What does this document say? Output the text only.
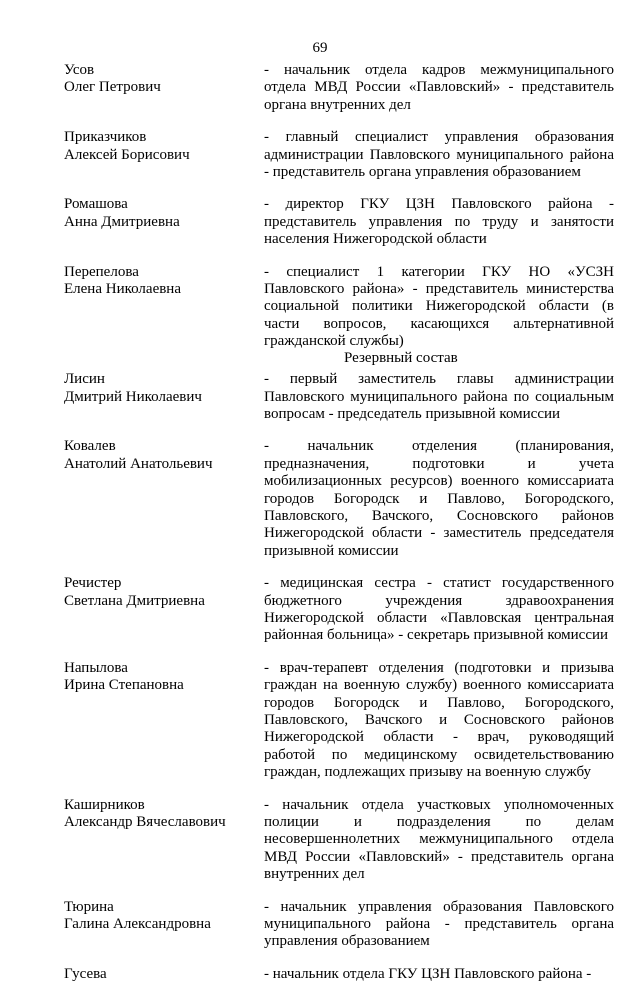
69
Усов
Олег Петрович
- начальник отдела кадров межмуниципального
отдела МВД России «Павловский» - представитель
органа внутренних дел
Приказчиков
Алексей Борисович
- главный специалист управления образования
администрации Павловского муниципального района
- представитель органа управления образованием
Ромашова
Анна Дмитриевна
- директор ГКУ ЦЗН Павловского района -
представитель управления по труду и занятости
населения Нижегородской области
Перепелова
Елена Николаевна
- специалист 1 категории ГКУ НО «УСЗН
Павловского района» - представитель министерства
социальной политики Нижегородской области (в
части вопросов, касающихся альтернативной
гражданской службы)
Резервный состав
Лисин
Дмитрий Николаевич
- первый заместитель главы администрации
Павловского муниципального района по социальным
вопросам - председатель призывной комиссии
Ковалев
Анатолий Анатольевич
- начальник отделения (планирования,
предназначения, подготовки и учета
мобилизационных ресурсов) военного комиссариата
городов Богородск и Павлово, Богородского,
Павловского, Вачского, Сосновского районов
Нижегородской области - заместитель председателя
призывной комиссии
Речистер
Светлана Дмитриевна
- медицинская сестра - статист государственного
бюджетного учреждения здравоохранения
Нижегородской области «Павловская центральная
районная больница» - секретарь призывной комиссии
Напылова
Ирина Степановна
- врач-терапевт отделения (подготовки и призыва
граждан на военную службу) военного комиссариата
городов Богородск и Павлово, Богородского,
Павловского, Вачского и Сосновского районов
Нижегородской области - врач, руководящий
работой по медицинскому освидетельствованию
граждан, подлежащих призыву на военную службу
Каширников
Александр Вячеславович
- начальник отдела участковых уполномоченных
полиции и подразделения по делам
несовершеннолетних межмуниципального отдела
МВД России «Павловский» - представитель органа
внутренних дел
Тюрина
Галина Александровна
- начальник управления образования Павловского
муниципального района - представитель органа
управления образованием
Гусева	- начальник отдела ГКУ ЦЗН Павловского района -
